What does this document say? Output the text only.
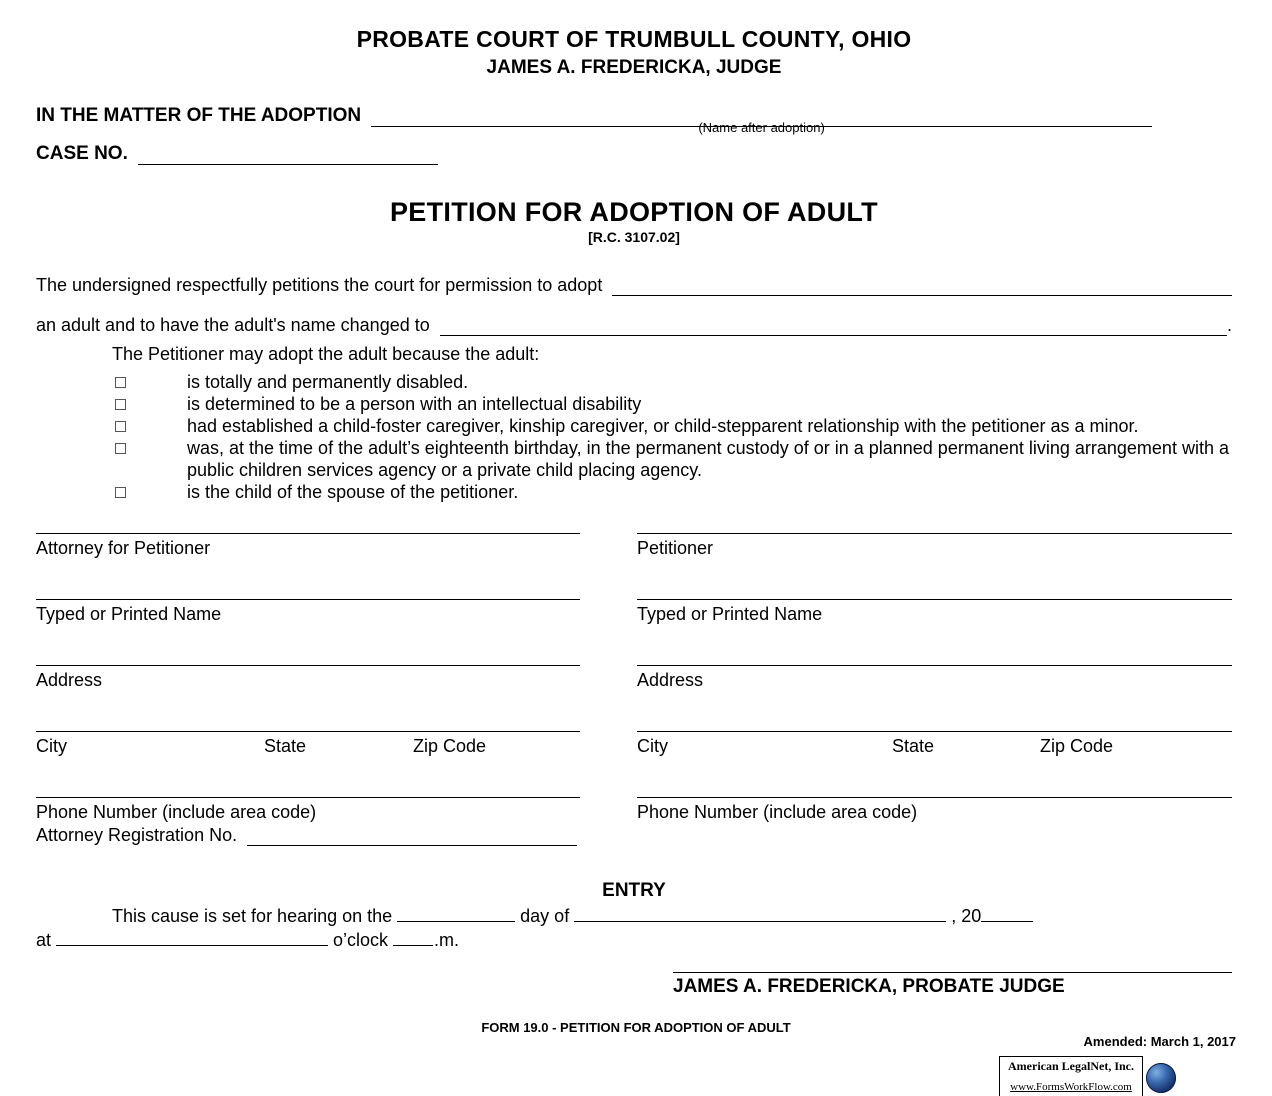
PROBATE COURT OF TRUMBULL COUNTY, OHIO
JAMES A. FREDERICKA, JUDGE
IN THE MATTER OF THE ADOPTION
(Name after adoption)
CASE NO.
PETITION FOR ADOPTION OF ADULT
[R.C. 3107.02]
The undersigned respectfully petitions the court for permission to adopt
an adult and to have the adult's name changed to	.
The Petitioner may adopt the adult because the adult:
is totally and permanently disabled.
is determined to be a person with an intellectual disability
had established a child-foster caregiver, kinship caregiver, or child-stepparent relationship with the petitioner as a minor.
was, at the time of the adult’s eighteenth birthday, in the permanent custody of or in a planned permanent living arrangement with a public children services agency or a private child placing agency.
is the child of the spouse of the petitioner.
Attorney for Petitioner
Typed or Printed Name
Address
City	State	Zip Code
Phone Number (include area code)
Attorney Registration No.
Petitioner
Typed or Printed Name
Address
City	State	Zip Code
Phone Number (include area code)
ENTRY
This cause is set for hearing on the	day of	, 20
at	o’clock	.m.
JAMES A. FREDERICKA, PROBATE JUDGE
FORM 19.0 - PETITION FOR ADOPTION OF ADULT
Amended: March 1, 2017
American LegalNet, Inc.
www.FormsWorkFlow.com
